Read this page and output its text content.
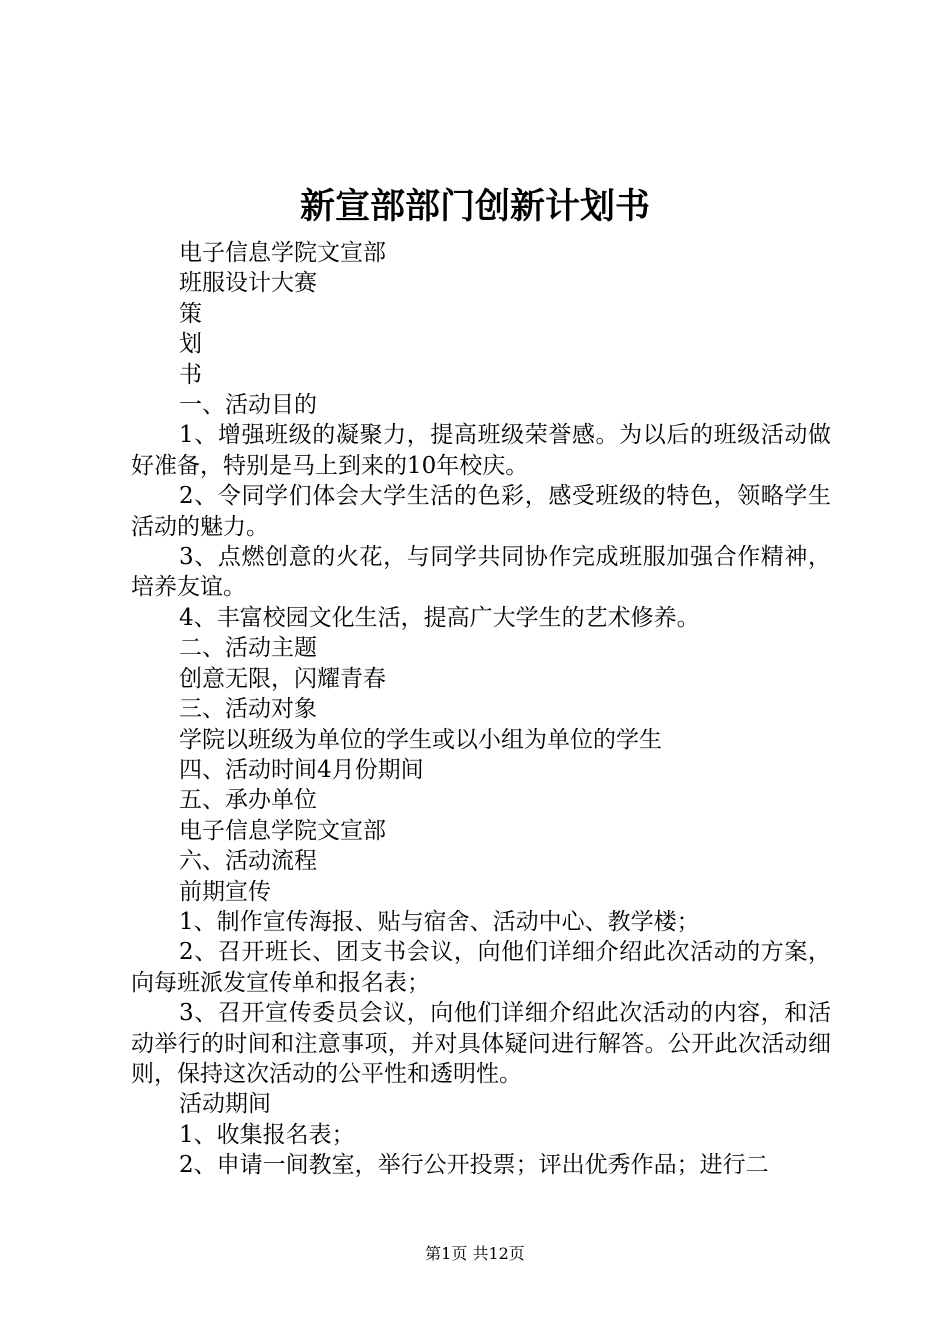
新宣部部门创新计划书

电子信息学院文宣部

班服设计大赛

策

划

书

一、活动目的

1、增强班级的凝聚力，提高班级荣誉感。为以后的班级活动做好准备，特别是马上到来的10年校庆。

2、令同学们体会大学生活的色彩，感受班级的特色，领略学生活动的魅力。

3、点燃创意的火花，与同学共同协作完成班服加强合作精神，培养友谊。

4、丰富校园文化生活，提高广大学生的艺术修养。

二、活动主题

创意无限，闪耀青春

三、活动对象

学院以班级为单位的学生或以小组为单位的学生

四、活动时间4月份期间

五、承办单位

电子信息学院文宣部

六、活动流程

前期宣传

1、制作宣传海报、贴与宿舍、活动中心、教学楼；

2、召开班长、团支书会议，向他们详细介绍此次活动的方案，向每班派发宣传单和报名表；

3、召开宣传委员会议，向他们详细介绍此次活动的内容，和活动举行的时间和注意事项，并对具体疑问进行解答。公开此次活动细则，保持这次活动的公平性和透明性。

活动期间

1、收集报名表；

2、申请一间教室，举行公开投票；评出优秀作品；进行二

第1页 共12页
